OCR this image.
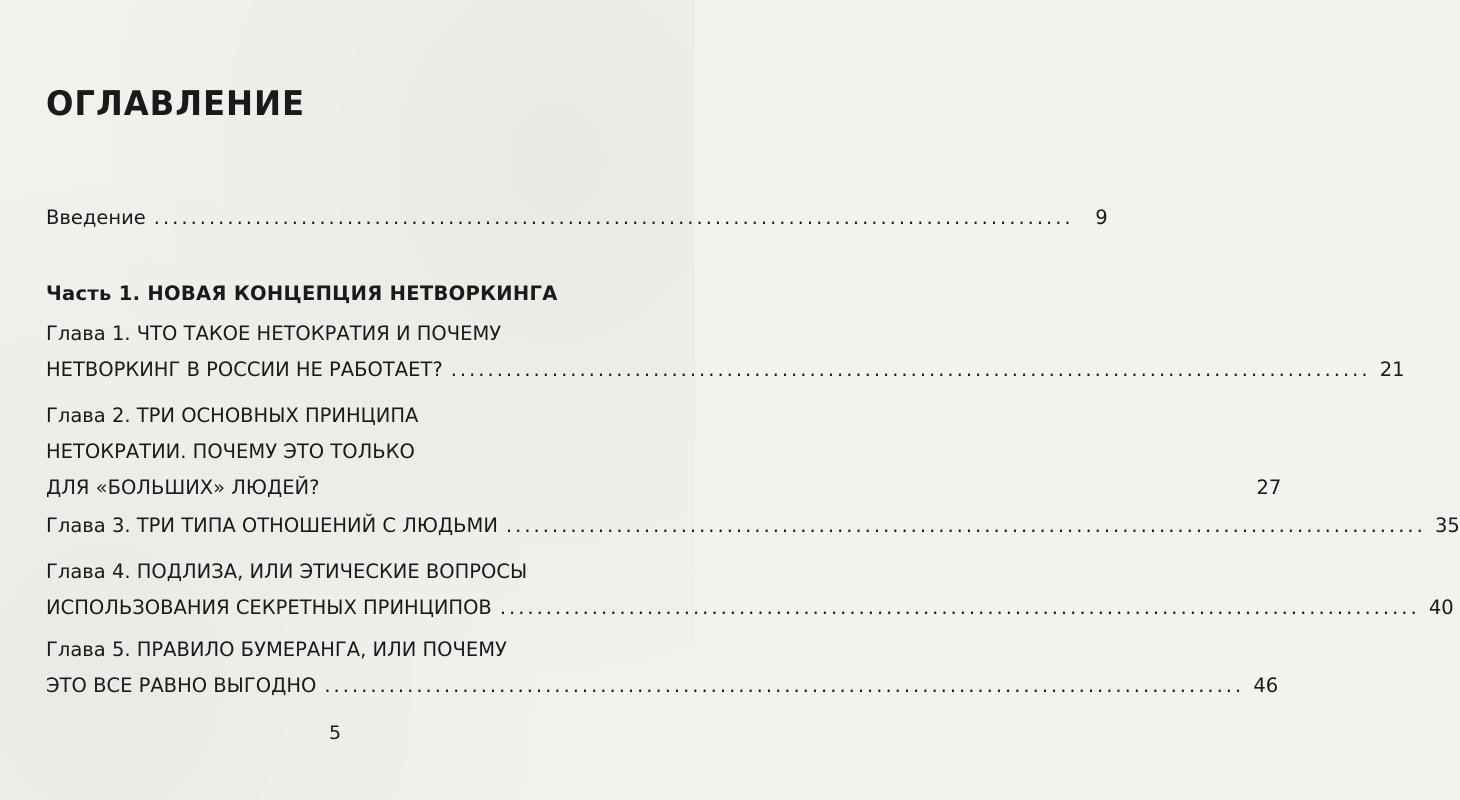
ОГЛАВЛЕНИЕ
Введение ....................................................................................................	9
Часть 1. НОВАЯ КОНЦЕПЦИЯ НЕТВОРКИНГА
Глава 1. ЧТО ТАКОЕ НЕТОКРАТИЯ И ПОЧЕМУ
НЕТВОРКИНГ В РОССИИ НЕ РАБОТАЕТ? .................................................................................................... 21
Глава 2. ТРИ ОСНОВНЫХ ПРИНЦИПА
НЕТОКРАТИИ. ПОЧЕМУ ЭТО ТОЛЬКО
ДЛЯ «БОЛЬШИХ» ЛЮДЕЙ?	27
Глава 3. ТРИ ТИПА ОТНОШЕНИЙ С ЛЮДЬМИ .................................................................................................... 35
Глава 4. ПОДЛИЗА, ИЛИ ЭТИЧЕСКИЕ ВОПРОСЫ
ИСПОЛЬЗОВАНИЯ СЕКРЕТНЫХ ПРИНЦИПОВ .................................................................................................... 40
Глава 5. ПРАВИЛО БУМЕРАНГА, ИЛИ ПОЧЕМУ
ЭТО ВСЕ РАВНО ВЫГОДНО .................................................................................................... 46
5
